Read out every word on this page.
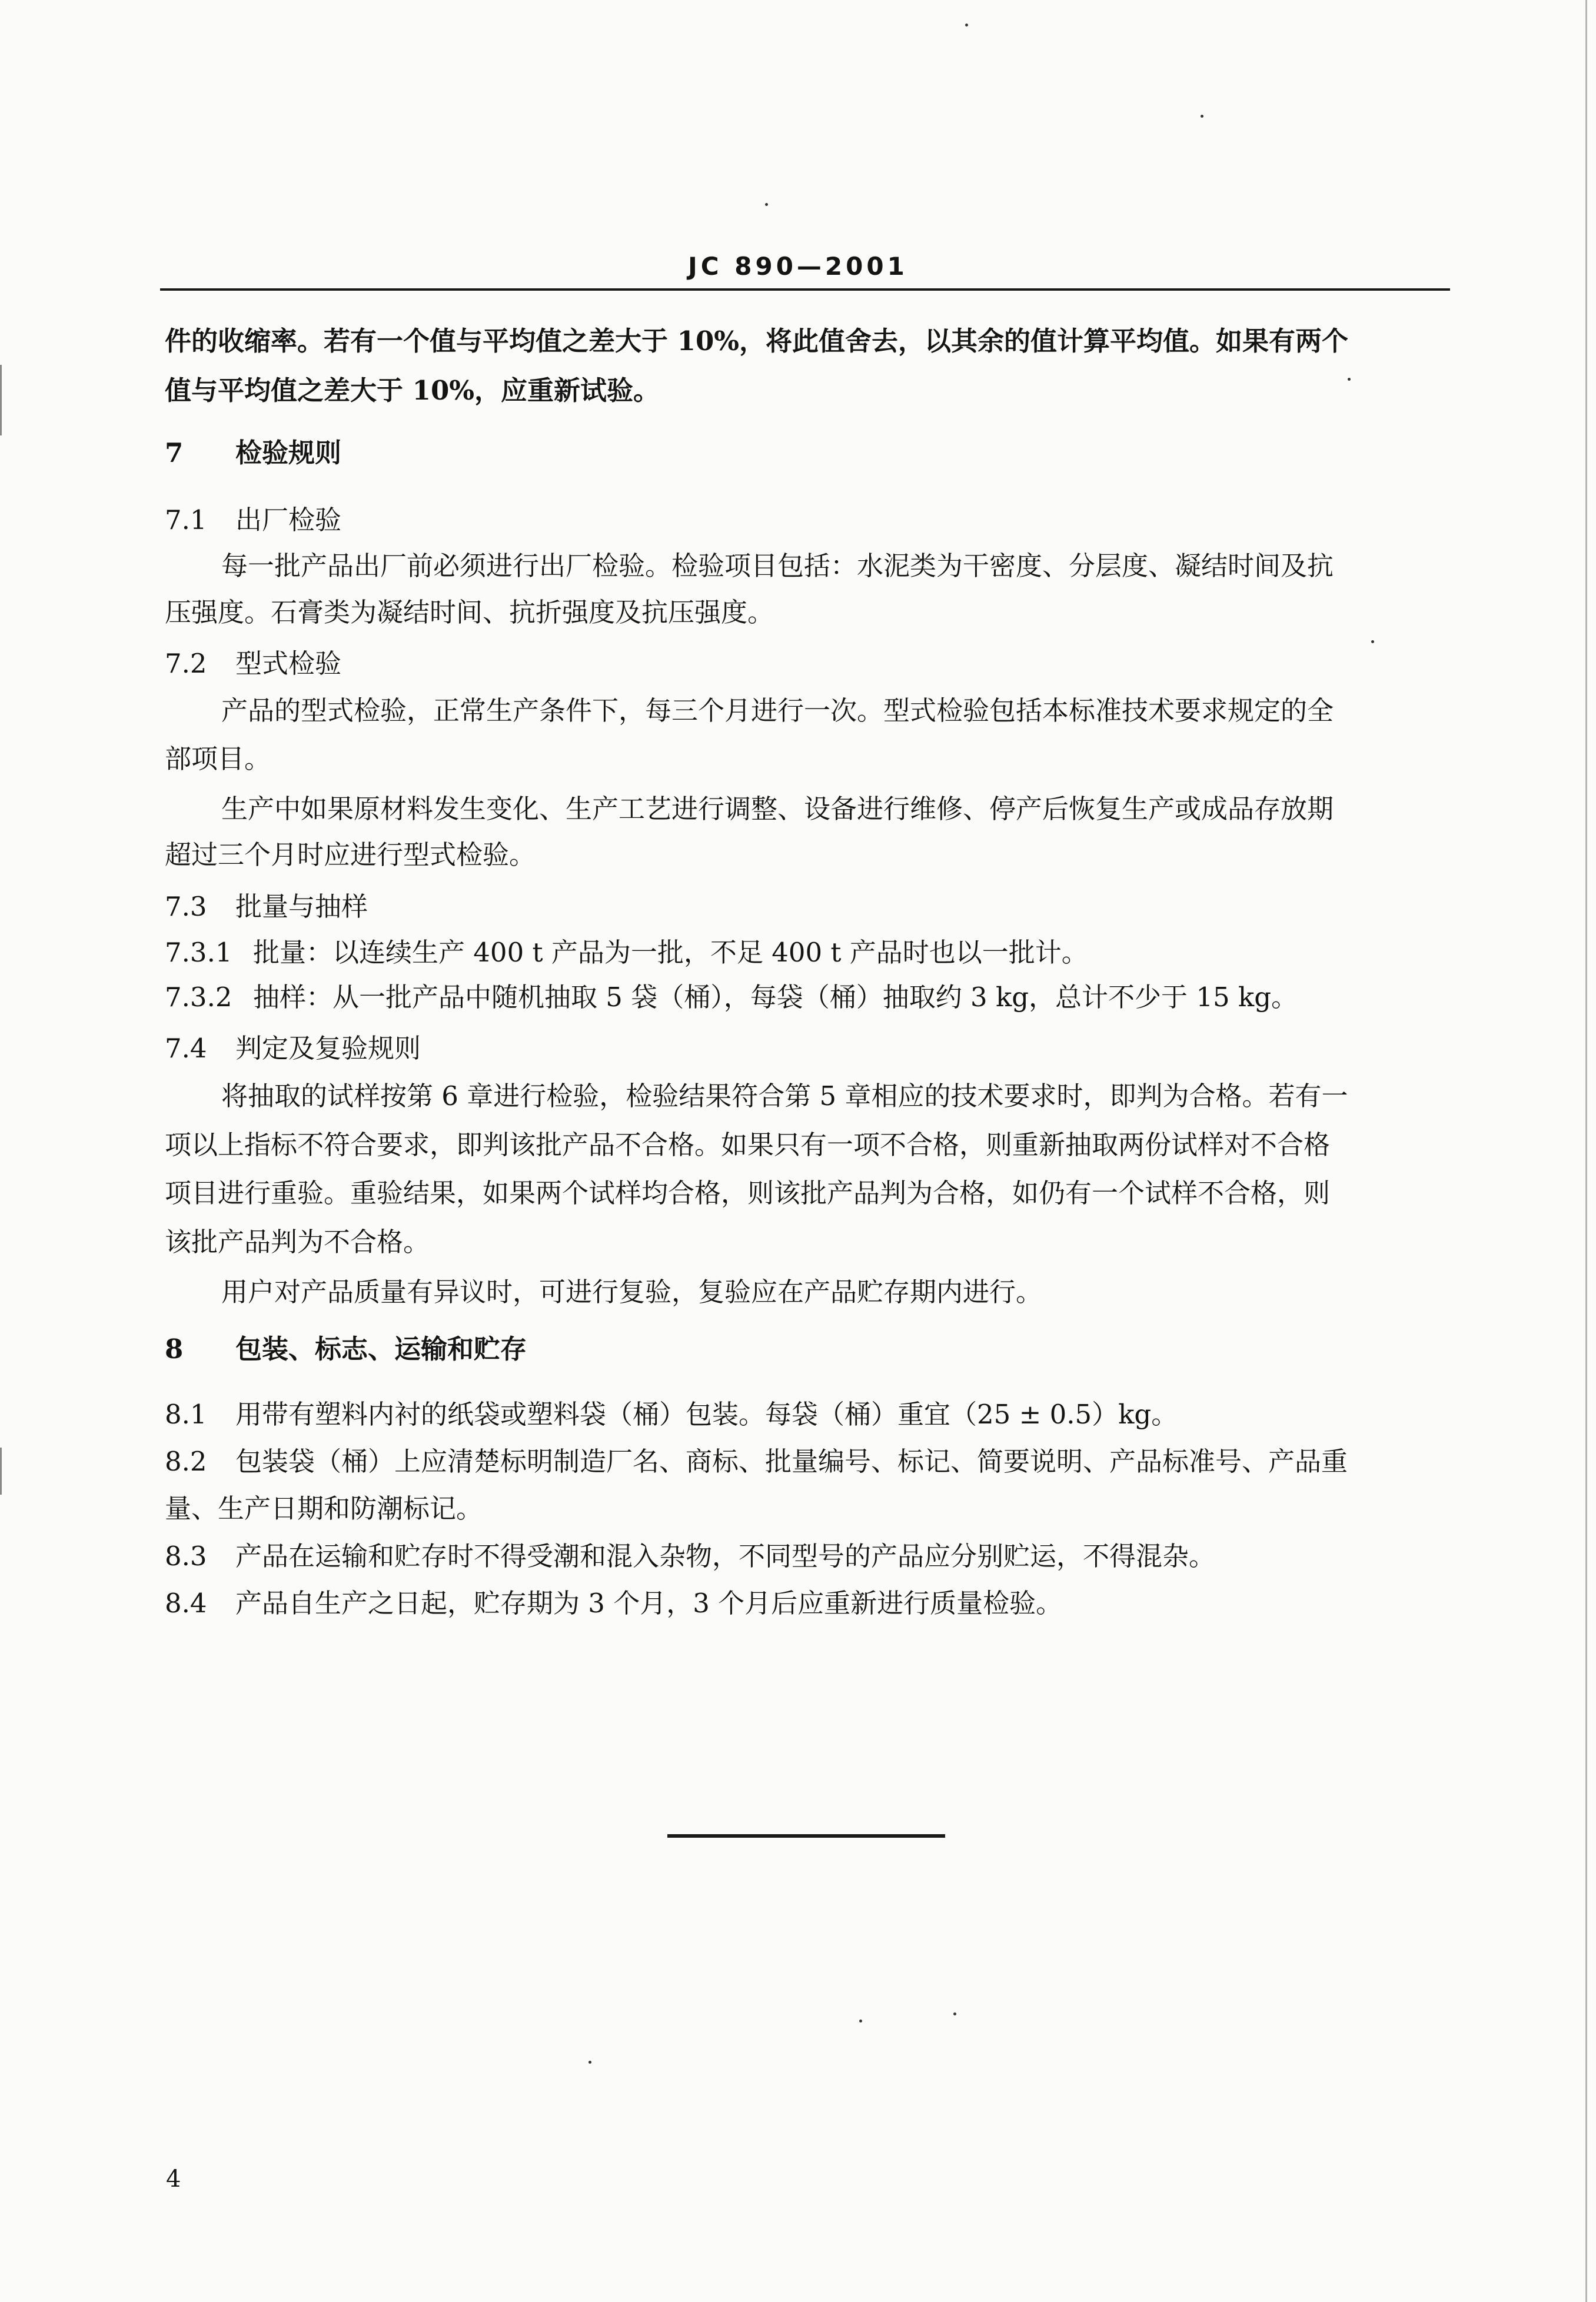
JC 890—2001
件的收缩率。若有一个值与平均值之差大于 10%，将此值舍去，以其余的值计算平均值。如果有两个
值与平均值之差大于 10%，应重新试验。
7 检验规则
7.1 出厂检验
每一批产品出厂前必须进行出厂检验。检验项目包括：水泥类为干密度、分层度、凝结时间及抗
压强度。石膏类为凝结时间、抗折强度及抗压强度。
7.2 型式检验
产品的型式检验，正常生产条件下，每三个月进行一次。型式检验包括本标准技术要求规定的全
部项目。
生产中如果原材料发生变化、生产工艺进行调整、设备进行维修、停产后恢复生产或成品存放期
超过三个月时应进行型式检验。
7.3 批量与抽样
7.3.1 批量：以连续生产 400 t 产品为一批，不足 400 t 产品时也以一批计。
7.3.2 抽样：从一批产品中随机抽取 5 袋（桶），每袋（桶）抽取约 3 kg，总计不少于 15 kg。
7.4 判定及复验规则
将抽取的试样按第 6 章进行检验，检验结果符合第 5 章相应的技术要求时，即判为合格。若有一
项以上指标不符合要求，即判该批产品不合格。如果只有一项不合格，则重新抽取两份试样对不合格
项目进行重验。重验结果，如果两个试样均合格，则该批产品判为合格，如仍有一个试样不合格，则
该批产品判为不合格。
用户对产品质量有异议时，可进行复验，复验应在产品贮存期内进行。
8 包装、标志、运输和贮存
8.1 用带有塑料内衬的纸袋或塑料袋（桶）包装。每袋（桶）重宜（25 ± 0.5）kg。
8.2 包装袋（桶）上应清楚标明制造厂名、商标、批量编号、标记、简要说明、产品标准号、产品重
量、生产日期和防潮标记。
8.3 产品在运输和贮存时不得受潮和混入杂物，不同型号的产品应分别贮运，不得混杂。
8.4 产品自生产之日起，贮存期为 3 个月，3 个月后应重新进行质量检验。
4
